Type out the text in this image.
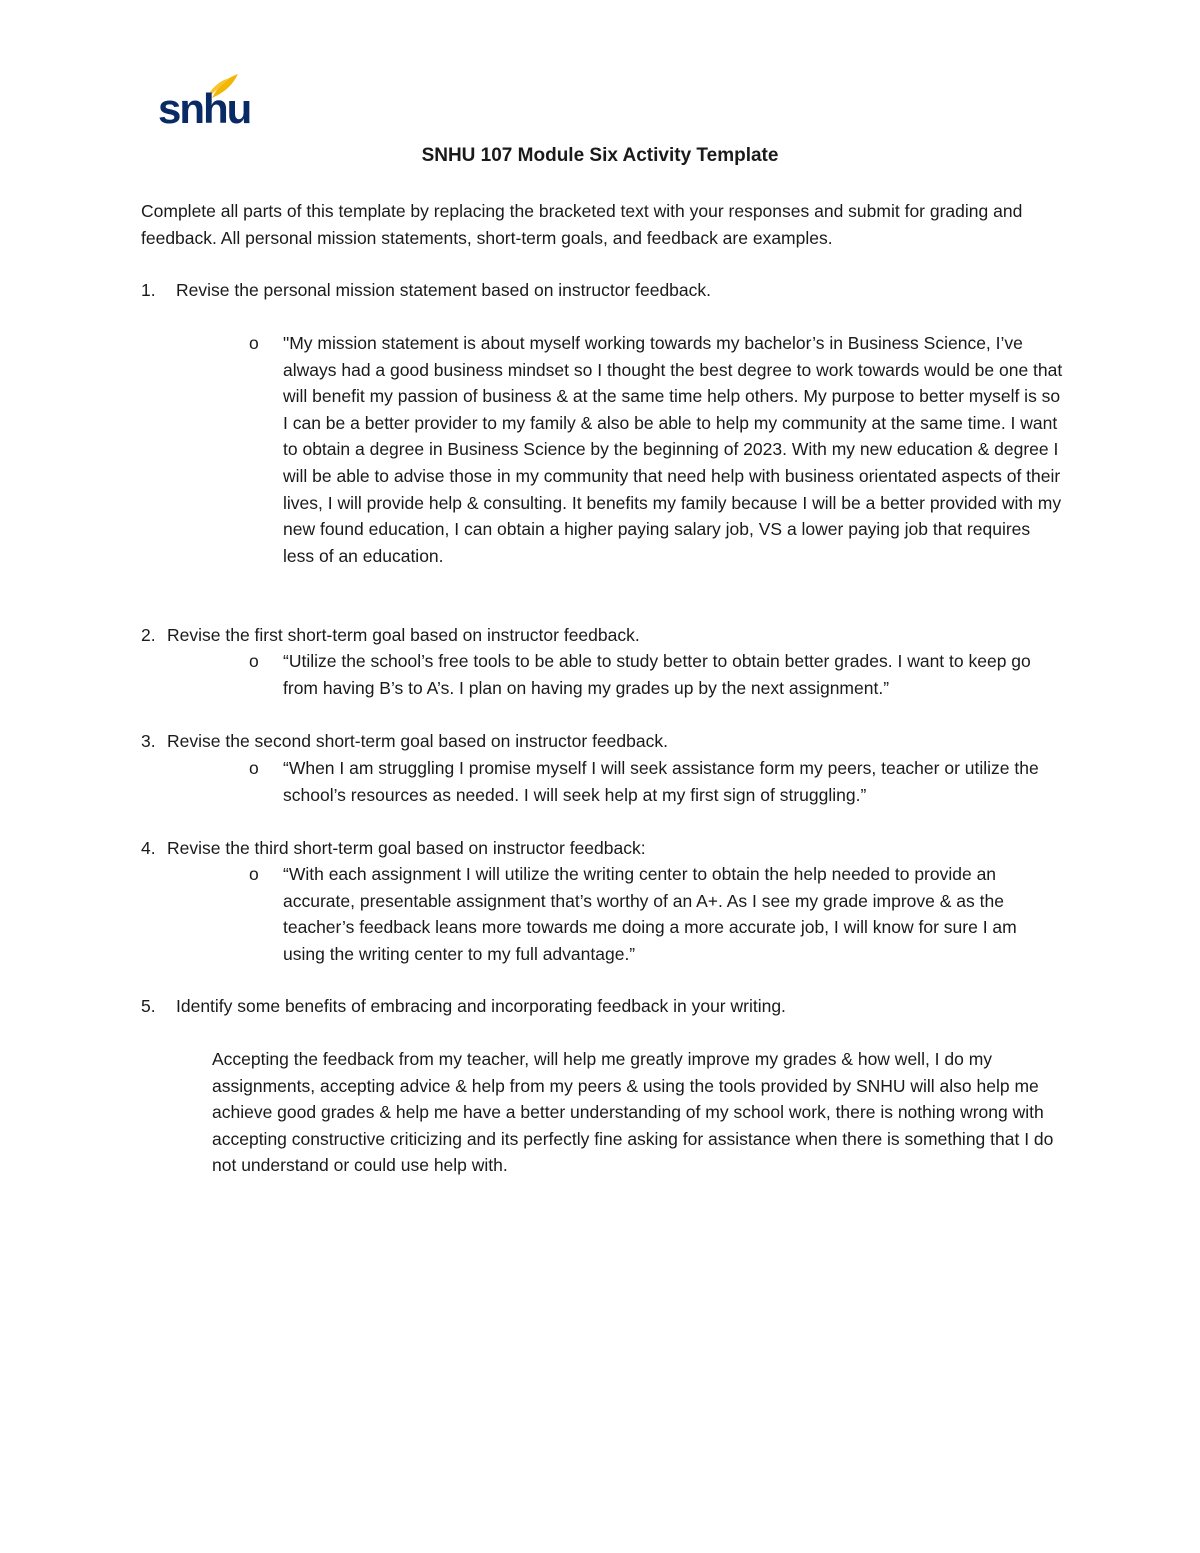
snhu
SNHU 107 Module Six Activity Template
Complete all parts of this template by replacing the bracketed text with your responses and submit for grading and feedback. All personal mission statements, short-term goals, and feedback are examples.
1. Revise the personal mission statement based on instructor feedback.
o "My mission statement is about myself working towards my bachelor’s in Business Science, I’ve always had a good business mindset so I thought the best degree to work towards would be one that will benefit my passion of business & at the same time help others. My purpose to better myself is so I can be a better provider to my family & also be able to help my community at the same time. I want to obtain a degree in Business Science by the beginning of 2023. With my new education & degree I will be able to advise those in my community that need help with business orientated aspects of their lives, I will provide help & consulting. It benefits my family because I will be a better provided with my new found education, I can obtain a higher paying salary job, VS a lower paying job that requires less of an education.
2. Revise the first short-term goal based on instructor feedback.
o “Utilize the school’s free tools to be able to study better to obtain better grades. I want to keep go from having B’s to A’s. I plan on having my grades up by the next assignment.”
3. Revise the second short-term goal based on instructor feedback.
o “When I am struggling I promise myself I will seek assistance form my peers, teacher or utilize the school’s resources as needed. I will seek help at my first sign of struggling.”
4. Revise the third short-term goal based on instructor feedback:
o “With each assignment I will utilize the writing center to obtain the help needed to provide an accurate, presentable assignment that’s worthy of an A+. As I see my grade improve & as the teacher’s feedback leans more towards me doing a more accurate job, I will know for sure I am using the writing center to my full advantage.”
5. Identify some benefits of embracing and incorporating feedback in your writing.
Accepting the feedback from my teacher, will help me greatly improve my grades & how well, I do my assignments, accepting advice & help from my peers & using the tools provided by SNHU will also help me achieve good grades & help me have a better understanding of my school work, there is nothing wrong with accepting constructive criticizing and its perfectly fine asking for assistance when there is something that I do not understand or could use help with.
